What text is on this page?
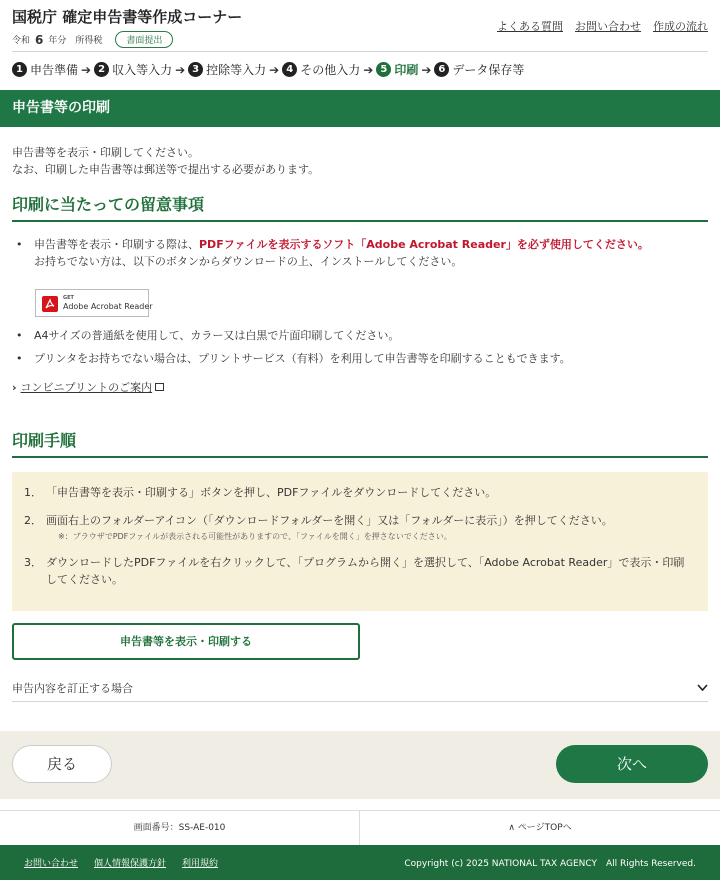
国税庁 確定申告書等作成コーナー
令和 6 年分 所得税	書面提出
よくある質問 お問い合わせ 作成の流れ
1 申告準備 ➔ 2 収入等入力 ➔ 3 控除等入力 ➔ 4 その他入力 ➔ 5 印刷 ➔ 6 データ保存等
申告書等の印刷
申告書等を表示・印刷してください。
なお、印刷した申告書等は郵送等で提出する必要があります。
印刷に当たっての留意事項
• 申告書等を表示・印刷する際は、PDFファイルを表示するソフト「Adobe Acrobat Reader」を必ず使用してください。
お持ちでない方は、以下のボタンからダウンロードの上、インストールしてください。
GET
Adobe Acrobat Reader
• A4サイズの普通紙を使用して、カラー又は白黒で片面印刷してください。
• プリンタをお持ちでない場合は、プリントサービス（有料）を利用して申告書等を印刷することもできます。
› コンビニプリントのご案内
印刷手順
1． 「申告書等を表示・印刷する」ボタンを押し、PDFファイルをダウンロードしてください。
2． 画面右上のフォルダーアイコン（「ダウンロードフォルダーを開く」又は「フォルダーに表示」）を押してください。
※：ブラウザでPDFファイルが表示される可能性がありますので、「ファイルを開く」を押さないでください。
3． ダウンロードしたPDFファイルを右クリックして、「プログラムから開く」を選択して、「Adobe Acrobat Reader」で表示・印刷してください。
申告書等を表示・印刷する
申告内容を訂正する場合
戻る	次へ
画面番号：SS-AE-010	∧ ページTOPへ
お問い合わせ 個人情報保護方針 利用規約	Copyright (c) 2025 NATIONAL TAX AGENCY　All Rights Reserved.
